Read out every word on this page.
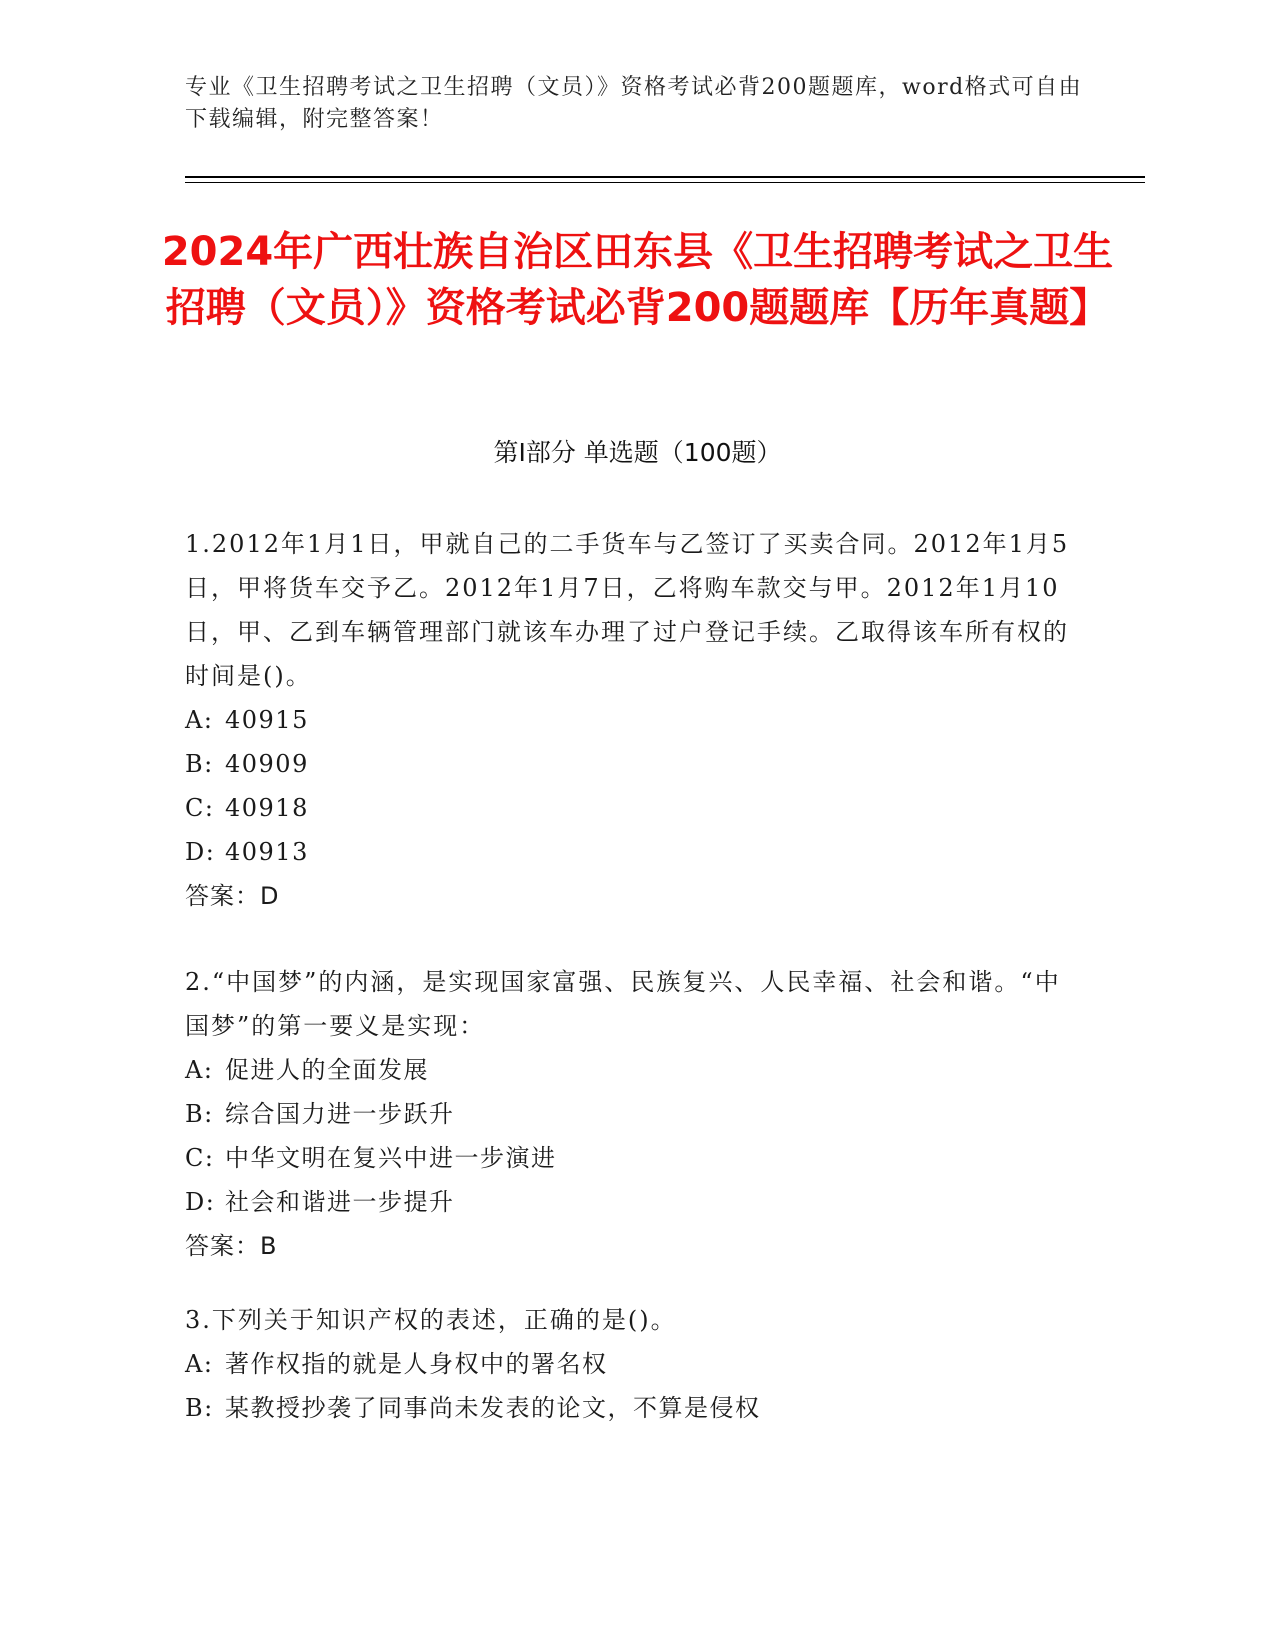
专业《卫生招聘考试之卫生招聘（文员）》资格考试必背200题题库，word格式可自由下载编辑，附完整答案！
2024年广西壮族自治区田东县《卫生招聘考试之卫生招聘（文员）》资格考试必背200题题库【历年真题】
第I部分 单选题（100题）

1.2012年1月1日，甲就自己的二手货车与乙签订了买卖合同。2012年1月5日，甲将货车交予乙。2012年1月7日，乙将购车款交与甲。2012年1月10日，甲、乙到车辆管理部门就该车办理了过户登记手续。乙取得该车所有权的时间是()。

A: 40915

B: 40909

C: 40918

D: 40913

答案：D

2.“中国梦”的内涵，是实现国家富强、民族复兴、人民幸福、社会和谐。“中国梦”的第一要义是实现：

A: 促进人的全面发展

B: 综合国力进一步跃升

C: 中华文明在复兴中进一步演进

D: 社会和谐进一步提升

答案：B

3.下列关于知识产权的表述，正确的是()。

A: 著作权指的就是人身权中的署名权

B: 某教授抄袭了同事尚未发表的论文，不算是侵权
